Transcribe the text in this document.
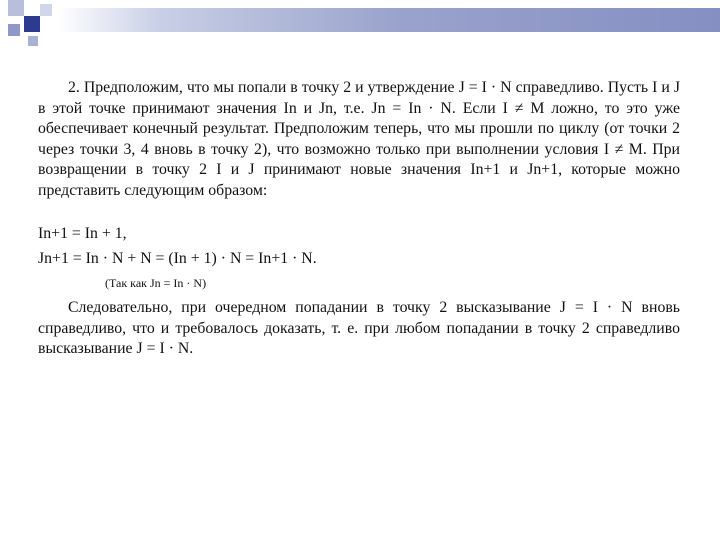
2. Предположим, что мы попали в точку 2 и утверждение J = I · N справедливо. Пусть I и J в этой точке принимают значения In и Jn, т.е. Jn = In · N. Если I ≠ M ложно, то это уже обеспечивает конечный результат. Предположим теперь, что мы прошли по циклу (от точки 2 через точки 3, 4 вновь в точку 2), что возможно только при выполнении условия I ≠ M. При возвращении в точку 2 I и J принимают новые значения In+1 и Jn+1, которые можно представить следующим образом:

In+1 = In + 1,
Jn+1 = In · N + N = (In + 1) · N = In+1 · N.
(Так как Jn = In · N)

Следовательно, при очередном попадании в точку 2 высказывание J = I · N вновь справедливо, что и требовалось доказать, т. е. при любом попадании в точку 2 справедливо высказывание J = I · N.
